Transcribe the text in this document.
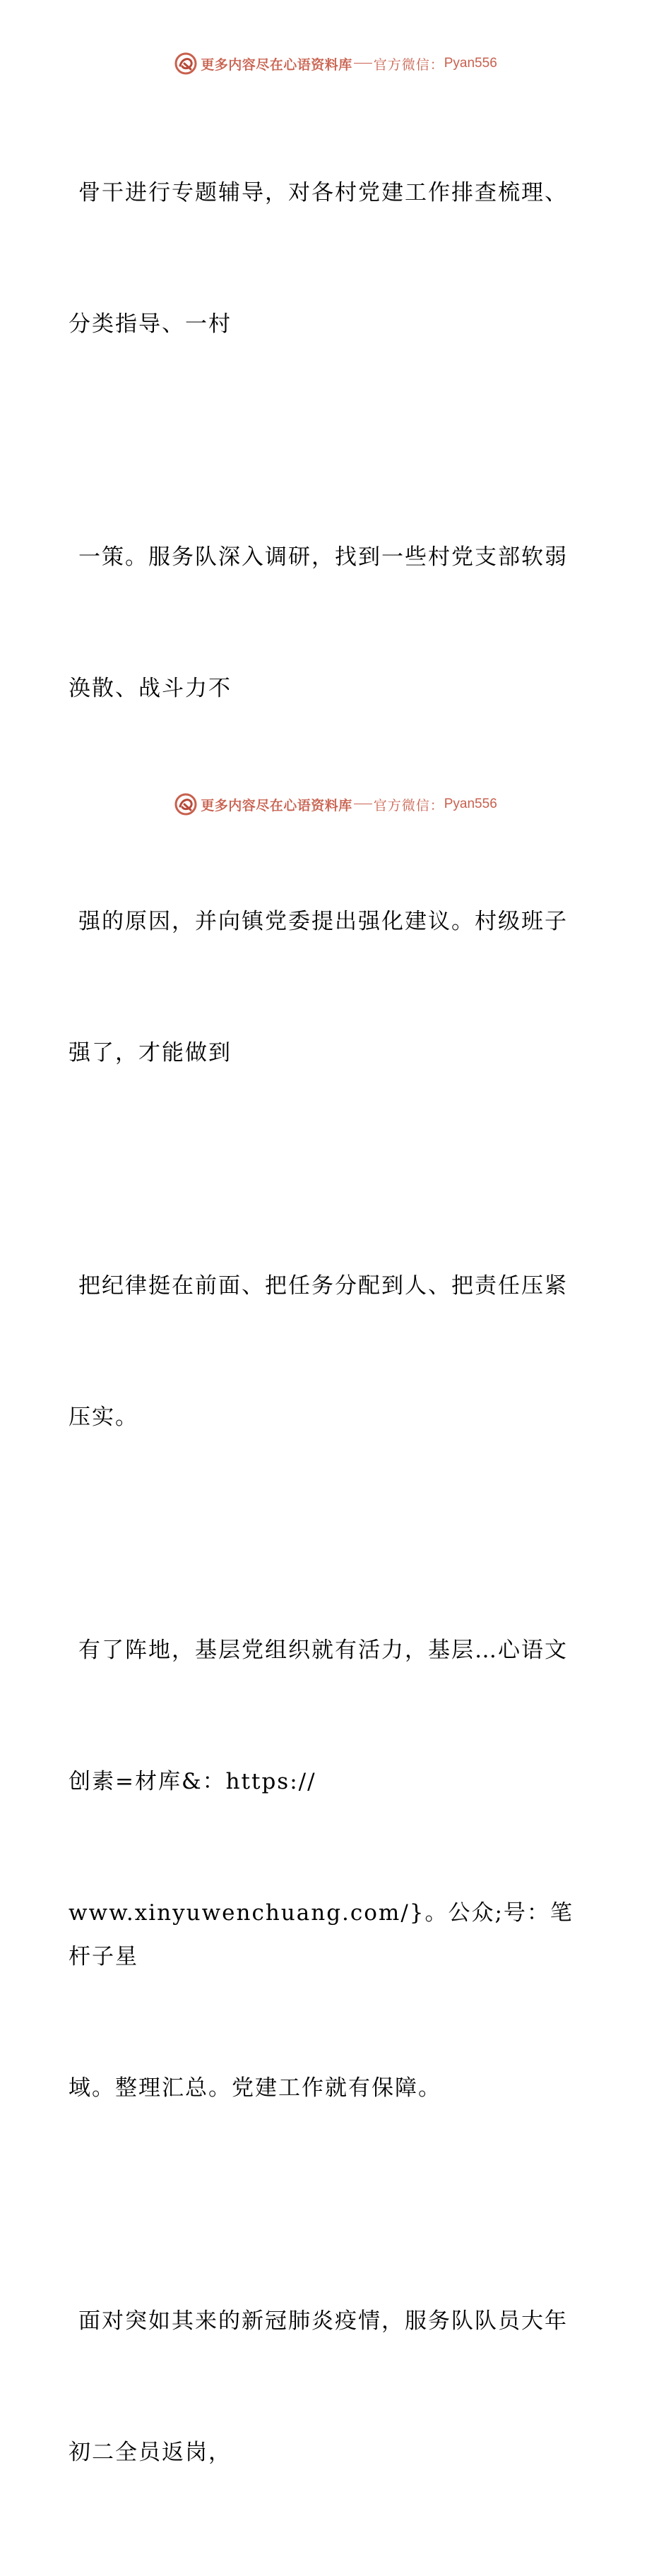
更多内容尽在心语资料库 官方微信： Pyan556

骨干进行专题辅导，对各村党建工作排查梳理、

分类指导、一村

一策。服务队深入调研，找到一些村党支部软弱

涣散、战斗力不

强的原因，并向镇党委提出强化建议。村级班子

强了，才能做到

把纪律挺在前面、把任务分配到人、把责任压紧

压实。

有了阵地，基层党组织就有活力，基层…心语文

创素=材库&：https://

www.xinyuwenchuang.com/}。公众;号：笔杆子星

域。整理汇总。党建工作就有保障。

面对突如其来的新冠肺炎疫情，服务队队员大年

初二全员返岗，

更多内容尽在心语资料库 官方微信： Pyan556
